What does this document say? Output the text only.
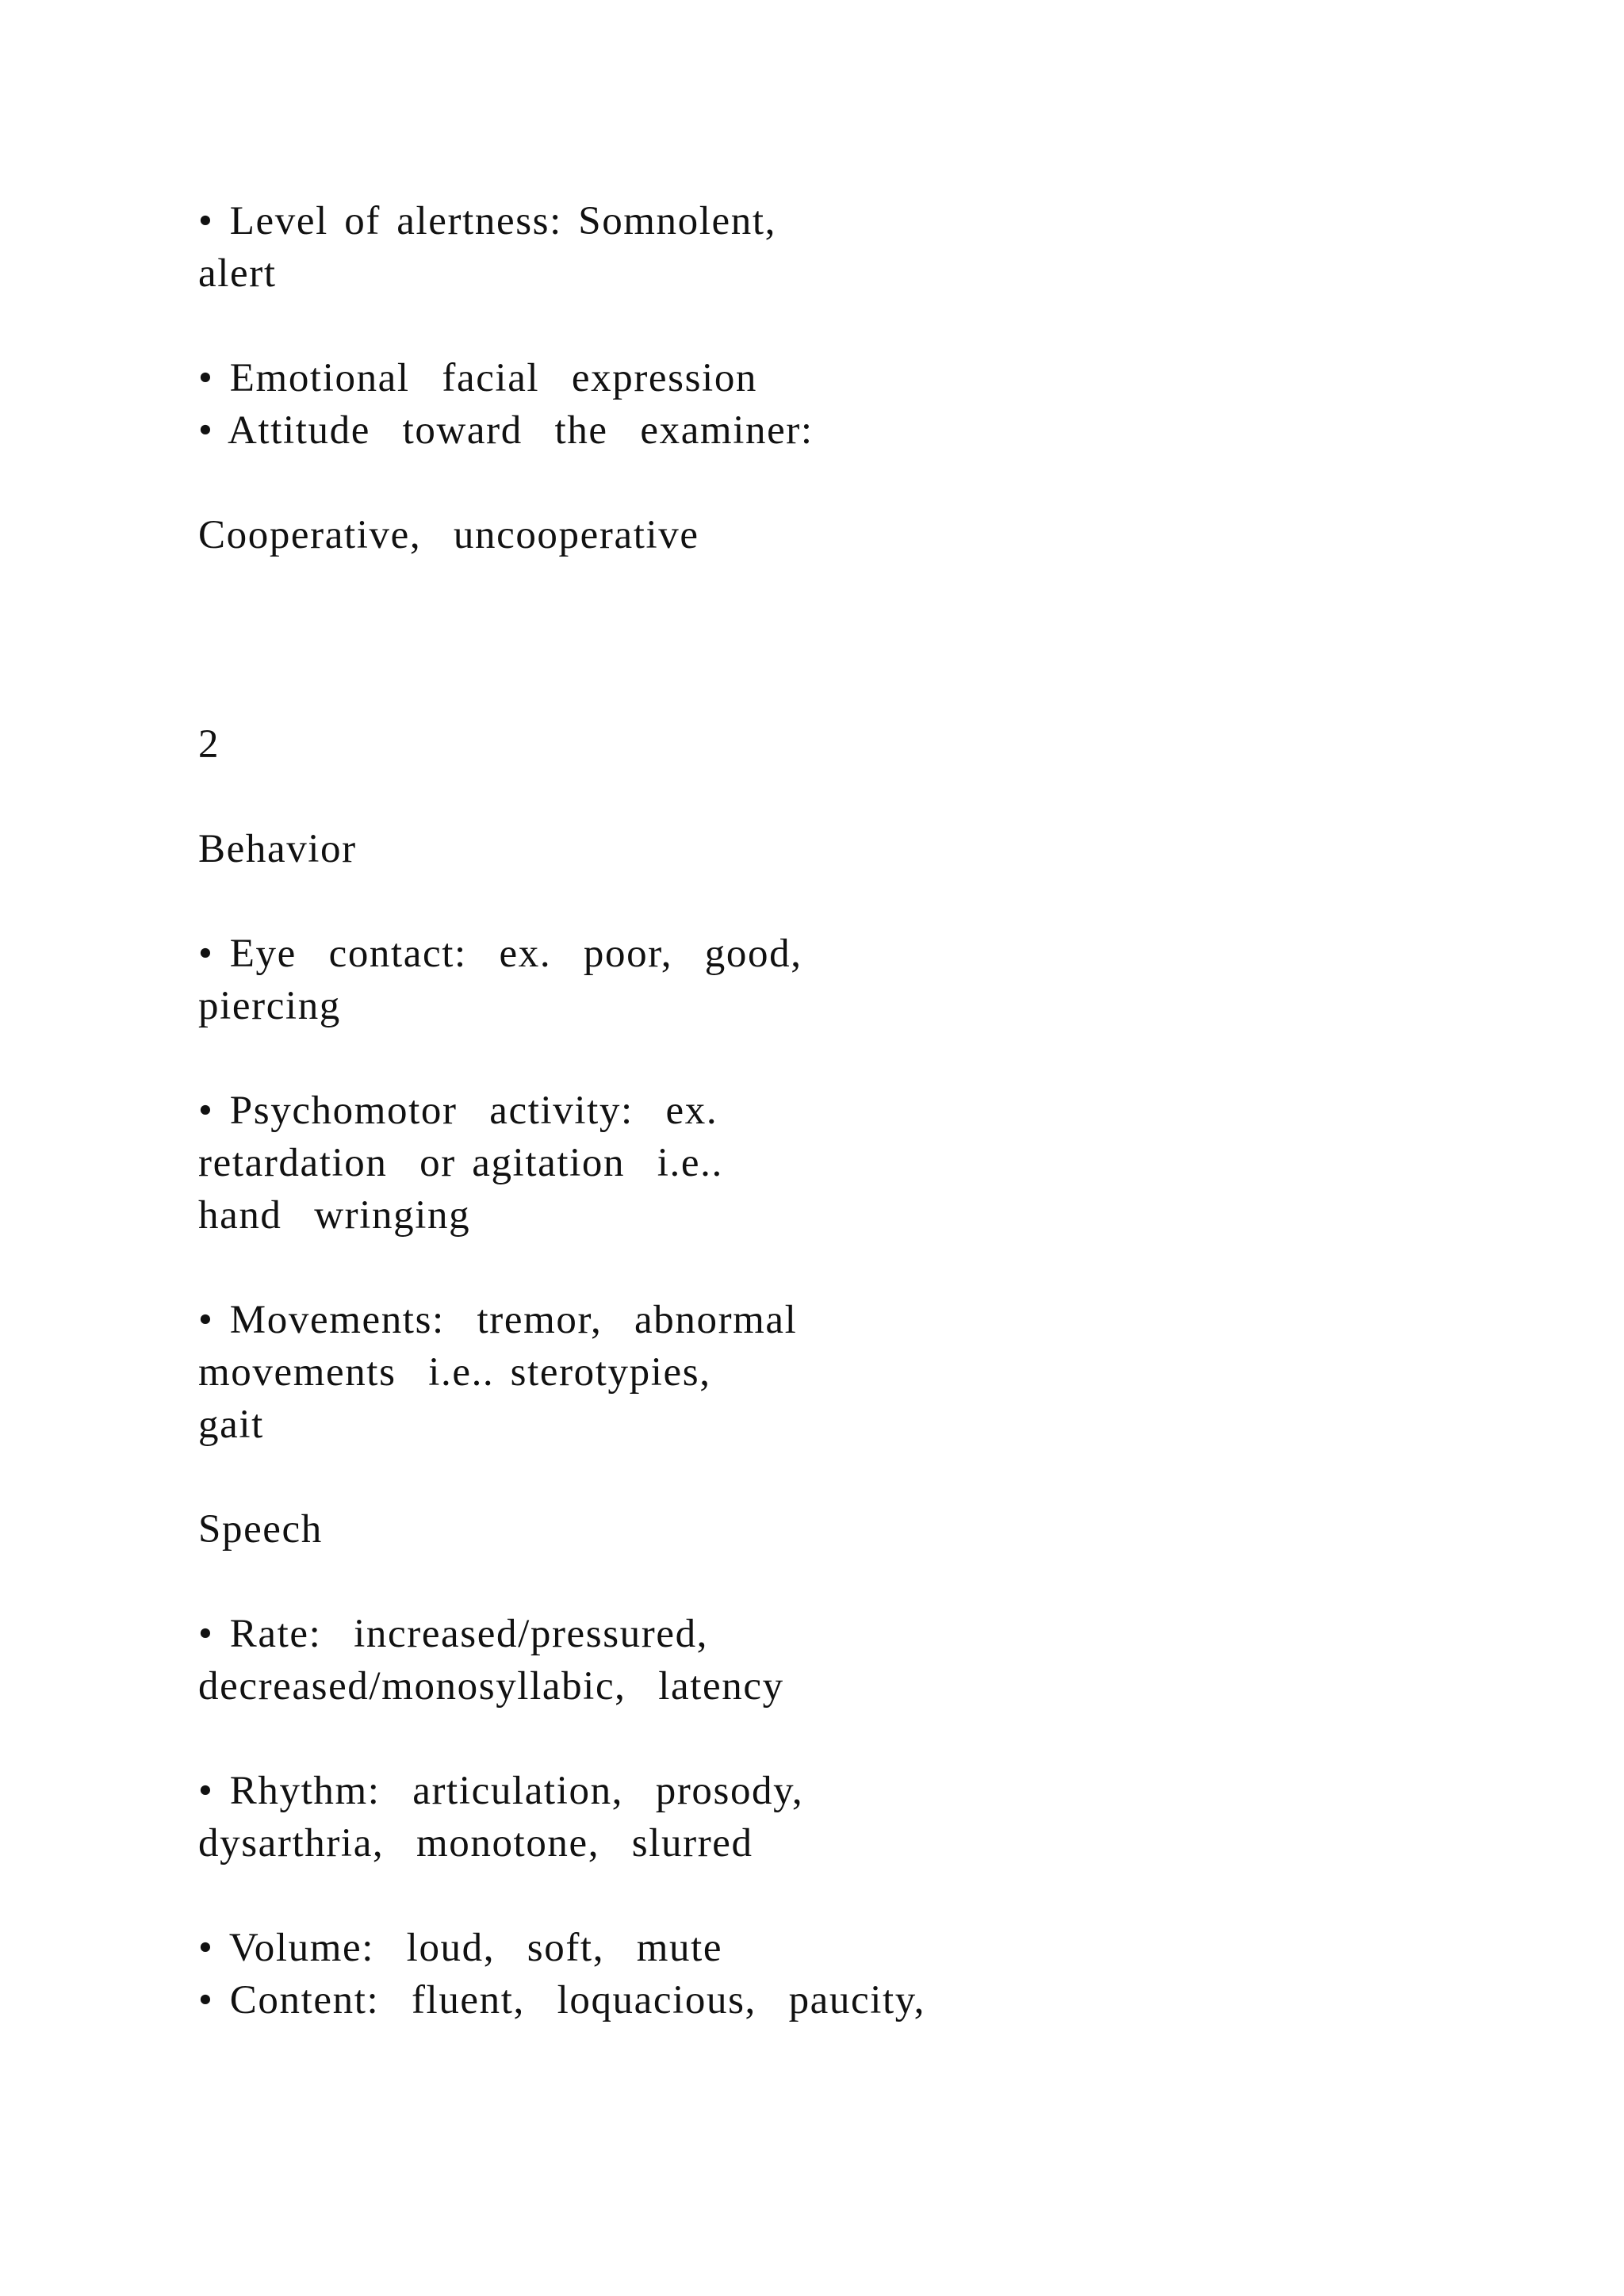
• Level of alertness: Somnolent,

alert

• Emotional  facial  expression

• Attitude  toward  the  examiner:

Cooperative,  uncooperative

2

Behavior

• Eye  contact:  ex.  poor,  good,

piercing

• Psychomotor  activity:  ex.

retardation  or agitation  i.e..

hand  wringing

• Movements:  tremor,  abnormal

movements  i.e.. sterotypies,

gait

Speech

• Rate:  increased/pressured,

decreased/monosyllabic,  latency

• Rhythm:  articulation,  prosody,

dysarthria,  monotone,  slurred

• Volume:  loud,  soft,  mute

• Content:  fluent,  loquacious,  paucity,
